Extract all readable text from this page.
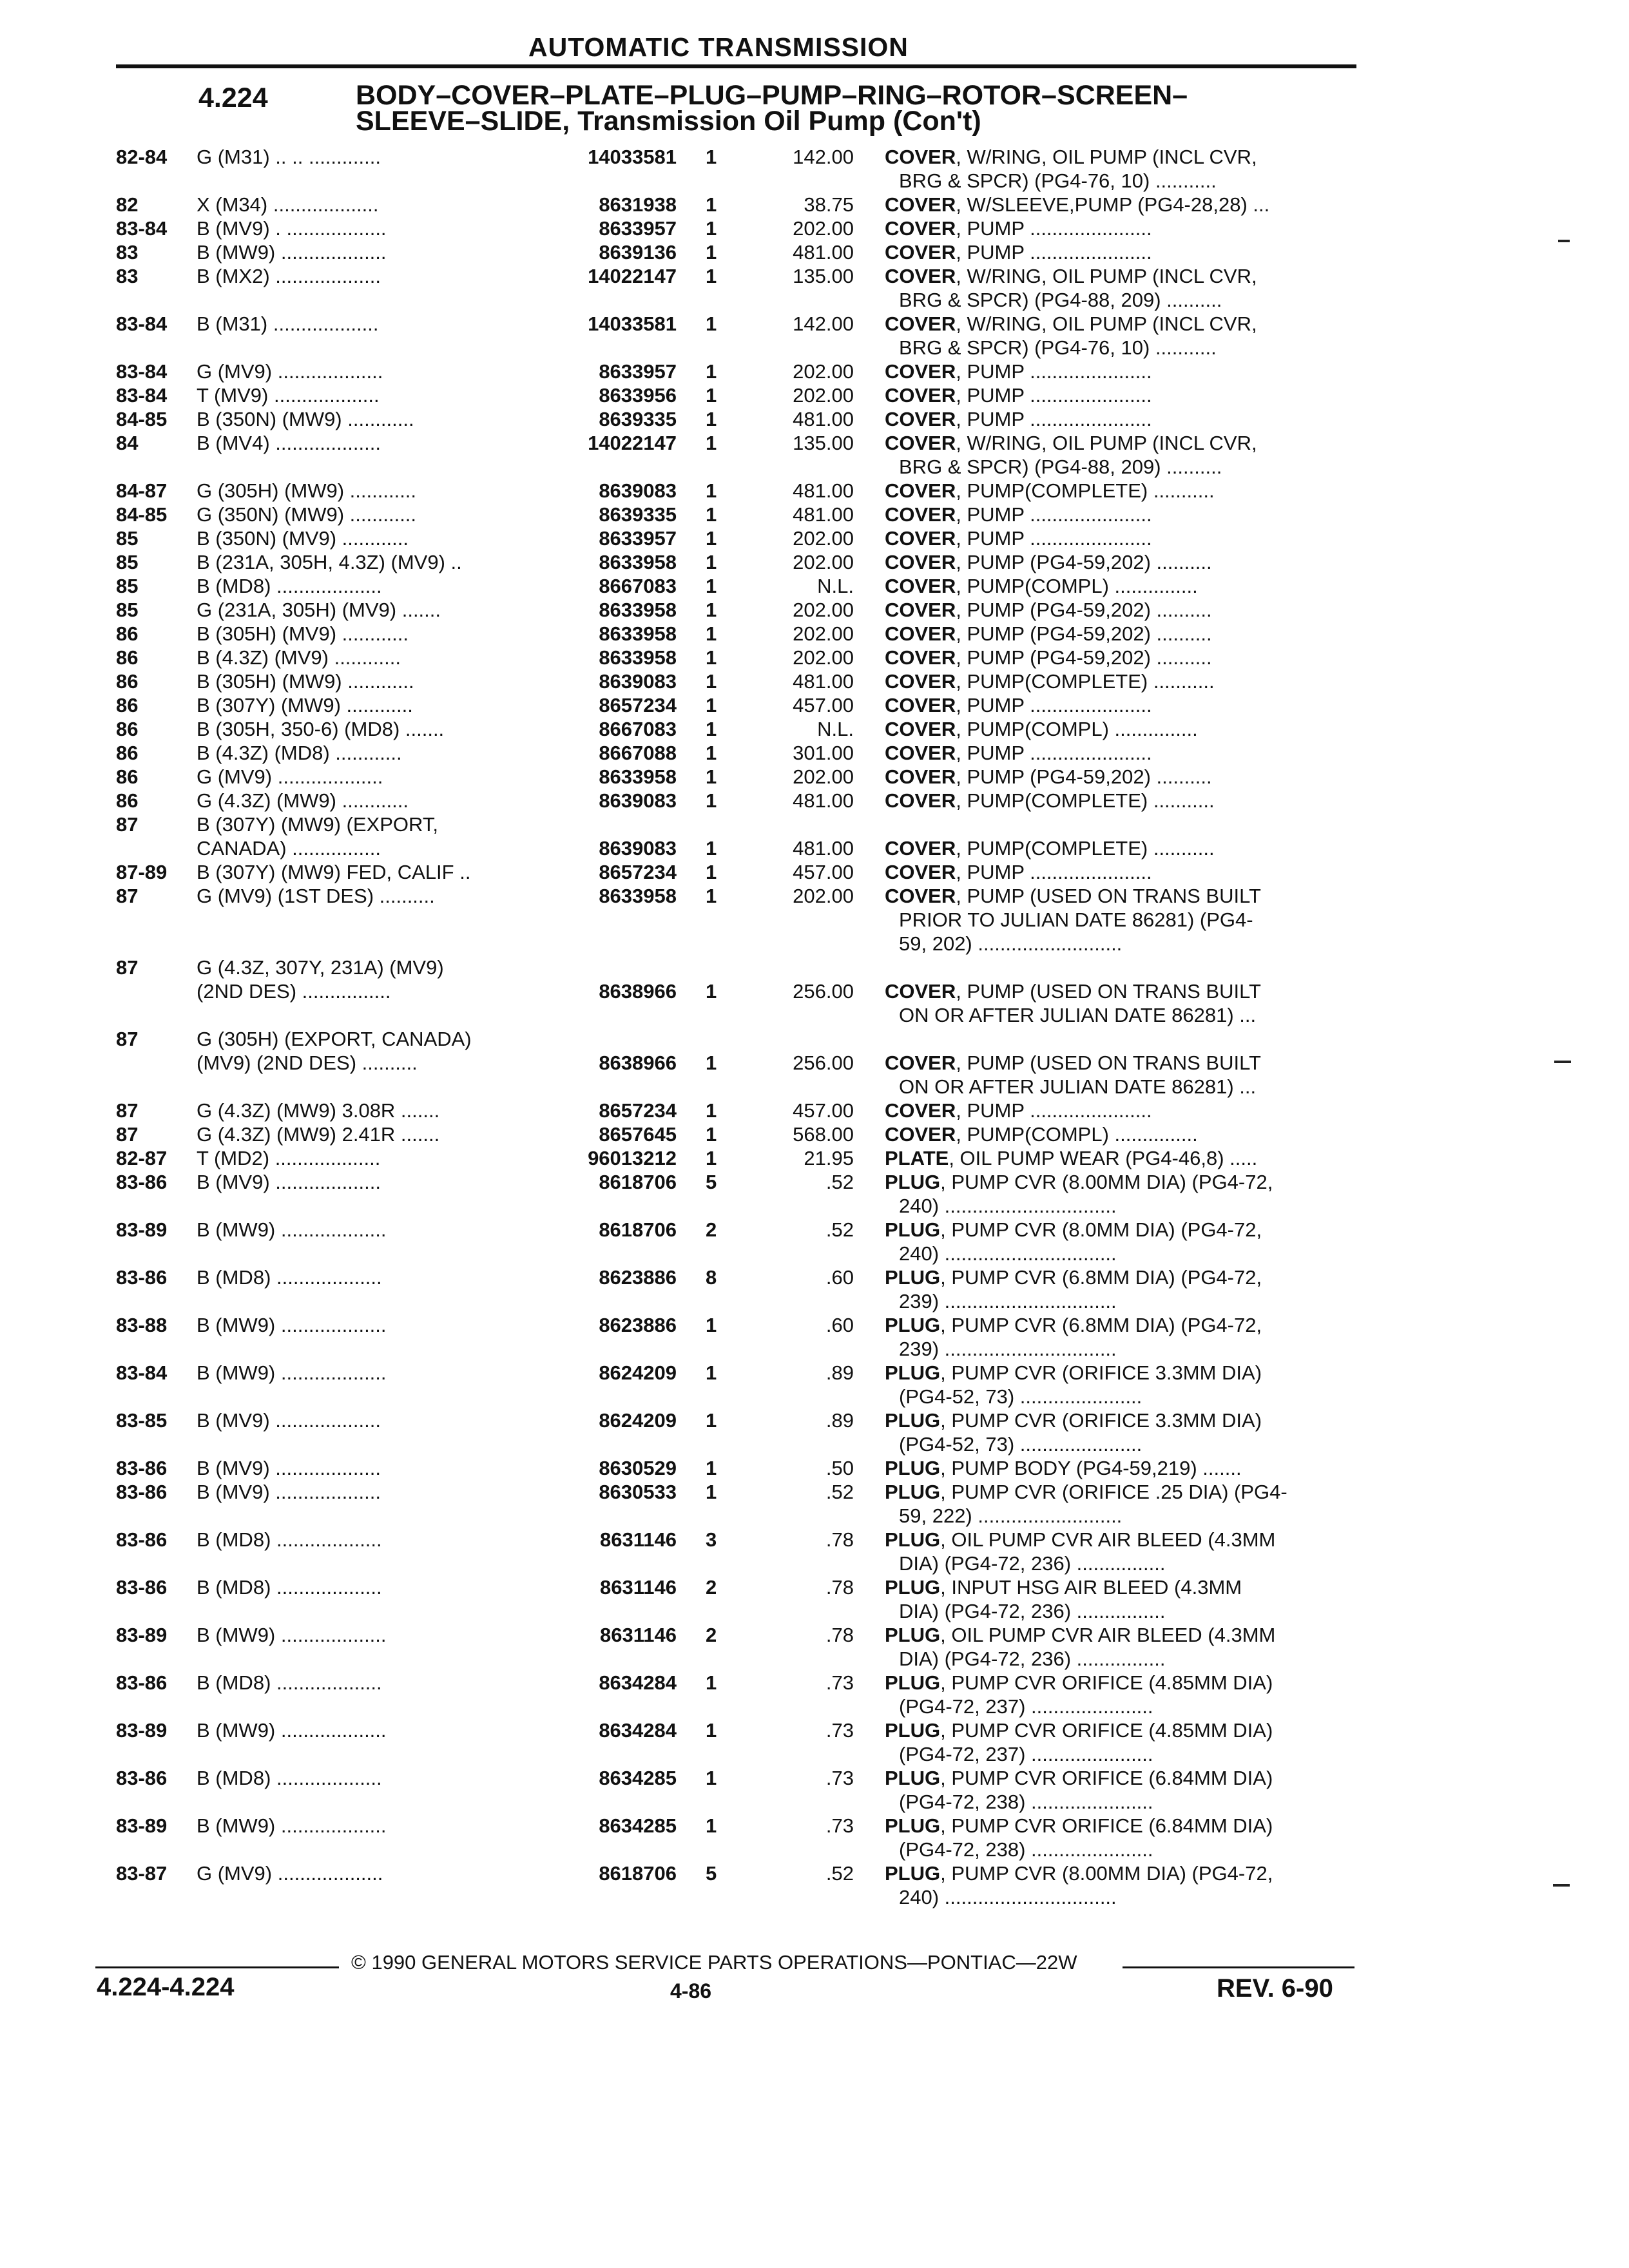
AUTOMATIC TRANSMISSION
4.224	BODY–COVER–PLATE–PLUG–PUMP–RING–ROTOR–SCREEN–
SLEEVE–SLIDE, Transmission Oil Pump (Con't)
82-84 G (M31) .. .. .............	14033581 1	142.00 COVER, W/RING, OIL PUMP (INCL CVR,
BRG & SPCR) (PG4-76, 10) ...........
82	X (M34) ...................	8631938 1	38.75 COVER, W/SLEEVE,PUMP (PG4-28,28) ...
83-84 B (MV9) . ..................	8633957 1	202.00 COVER, PUMP ......................
83	B (MW9) ...................	8639136 1	481.00 COVER, PUMP ......................
83	B (MX2) ...................	14022147 1	135.00 COVER, W/RING, OIL PUMP (INCL CVR,
BRG & SPCR) (PG4-88, 209) ..........
83-84 B (M31) ...................	14033581 1	142.00 COVER, W/RING, OIL PUMP (INCL CVR,
BRG & SPCR) (PG4-76, 10) ...........
83-84 G (MV9) ...................	8633957 1	202.00 COVER, PUMP ......................
83-84 T (MV9) ...................	8633956 1	202.00 COVER, PUMP ......................
84-85 B (350N) (MW9) ............	8639335 1	481.00 COVER, PUMP ......................
84	B (MV4) ...................	14022147 1	135.00 COVER, W/RING, OIL PUMP (INCL CVR,
BRG & SPCR) (PG4-88, 209) ..........
84-87 G (305H) (MW9) ............	8639083 1	481.00 COVER, PUMP(COMPLETE) ...........
84-85 G (350N) (MW9) ............	8639335 1	481.00 COVER, PUMP ......................
85	B (350N) (MV9) ............	8633957 1	202.00 COVER, PUMP ......................
85	B (231A, 305H, 4.3Z) (MV9) ..	8633958 1	202.00 COVER, PUMP (PG4-59,202) ..........
85	B (MD8) ...................	8667083 1	N.L. COVER, PUMP(COMPL) ...............
85	G (231A, 305H) (MV9) .......	8633958 1	202.00 COVER, PUMP (PG4-59,202) ..........
86	B (305H) (MV9) ............	8633958 1	202.00 COVER, PUMP (PG4-59,202) ..........
86	B (4.3Z) (MV9) ............	8633958 1	202.00 COVER, PUMP (PG4-59,202) ..........
86	B (305H) (MW9) ............	8639083 1	481.00 COVER, PUMP(COMPLETE) ...........
86	B (307Y) (MW9) ............	8657234 1	457.00 COVER, PUMP ......................
86	B (305H, 350-6) (MD8) .......	8667083 1	N.L. COVER, PUMP(COMPL) ...............
86	B (4.3Z) (MD8) ............	8667088 1	301.00 COVER, PUMP ......................
86	G (MV9) ...................	8633958 1	202.00 COVER, PUMP (PG4-59,202) ..........
86	G (4.3Z) (MW9) ............	8639083 1	481.00 COVER, PUMP(COMPLETE) ...........
87	B (307Y) (MW9) (EXPORT,
CANADA) ................	8639083 1	481.00 COVER, PUMP(COMPLETE) ...........
87-89 B (307Y) (MW9) FED, CALIF ..	8657234 1	457.00 COVER, PUMP ......................
87	G (MV9) (1ST DES) ..........	8633958 1	202.00 COVER, PUMP (USED ON TRANS BUILT
PRIOR TO JULIAN DATE 86281) (PG4-
59, 202) ..........................
87	G (4.3Z, 307Y, 231A) (MV9)
(2ND DES) ................	8638966 1	256.00 COVER, PUMP (USED ON TRANS BUILT
ON OR AFTER JULIAN DATE 86281) ...
87	G (305H) (EXPORT, CANADA)
(MV9) (2ND DES) ..........	8638966 1	256.00 COVER, PUMP (USED ON TRANS BUILT
ON OR AFTER JULIAN DATE 86281) ...
87	G (4.3Z) (MW9) 3.08R .......	8657234 1	457.00 COVER, PUMP ......................
87	G (4.3Z) (MW9) 2.41R .......	8657645 1	568.00 COVER, PUMP(COMPL) ...............
82-87 T (MD2) ...................	96013212 1	21.95 PLATE, OIL PUMP WEAR (PG4-46,8) .....
83-86 B (MV9) ...................	8618706 5	.52 PLUG, PUMP CVR (8.00MM DIA) (PG4-72,
240) ...............................
83-89 B (MW9) ...................	8618706 2	.52 PLUG, PUMP CVR (8.0MM DIA) (PG4-72,
240) ...............................
83-86 B (MD8) ...................	8623886 8	.60 PLUG, PUMP CVR (6.8MM DIA) (PG4-72,
239) ...............................
83-88 B (MW9) ...................	8623886 1	.60 PLUG, PUMP CVR (6.8MM DIA) (PG4-72,
239) ...............................
83-84 B (MW9) ...................	8624209 1	.89 PLUG, PUMP CVR (ORIFICE 3.3MM DIA)
(PG4-52, 73) ......................
83-85 B (MV9) ...................	8624209 1	.89 PLUG, PUMP CVR (ORIFICE 3.3MM DIA)
(PG4-52, 73) ......................
83-86 B (MV9) ...................	8630529 1	.50 PLUG, PUMP BODY (PG4-59,219) .......
83-86 B (MV9) ...................	8630533 1	.52 PLUG, PUMP CVR (ORIFICE .25 DIA) (PG4-
59, 222) ..........................
83-86 B (MD8) ...................	8631146 3	.78 PLUG, OIL PUMP CVR AIR BLEED (4.3MM
DIA) (PG4-72, 236) ................
83-86 B (MD8) ...................	8631146 2	.78 PLUG, INPUT HSG AIR BLEED (4.3MM
DIA) (PG4-72, 236) ................
83-89 B (MW9) ...................	8631146 2	.78 PLUG, OIL PUMP CVR AIR BLEED (4.3MM
DIA) (PG4-72, 236) ................
83-86 B (MD8) ...................	8634284 1	.73 PLUG, PUMP CVR ORIFICE (4.85MM DIA)
(PG4-72, 237) ......................
83-89 B (MW9) ...................	8634284 1	.73 PLUG, PUMP CVR ORIFICE (4.85MM DIA)
(PG4-72, 237) ......................
83-86 B (MD8) ...................	8634285 1	.73 PLUG, PUMP CVR ORIFICE (6.84MM DIA)
(PG4-72, 238) ......................
83-89 B (MW9) ...................	8634285 1	.73 PLUG, PUMP CVR ORIFICE (6.84MM DIA)
(PG4-72, 238) ......................
83-87 G (MV9) ...................	8618706 5	.52 PLUG, PUMP CVR (8.00MM DIA) (PG4-72,
240) ...............................
© 1990 GENERAL MOTORS SERVICE PARTS OPERATIONS—PONTIAC—22W
4.224-4.224	4-86	REV. 6-90
